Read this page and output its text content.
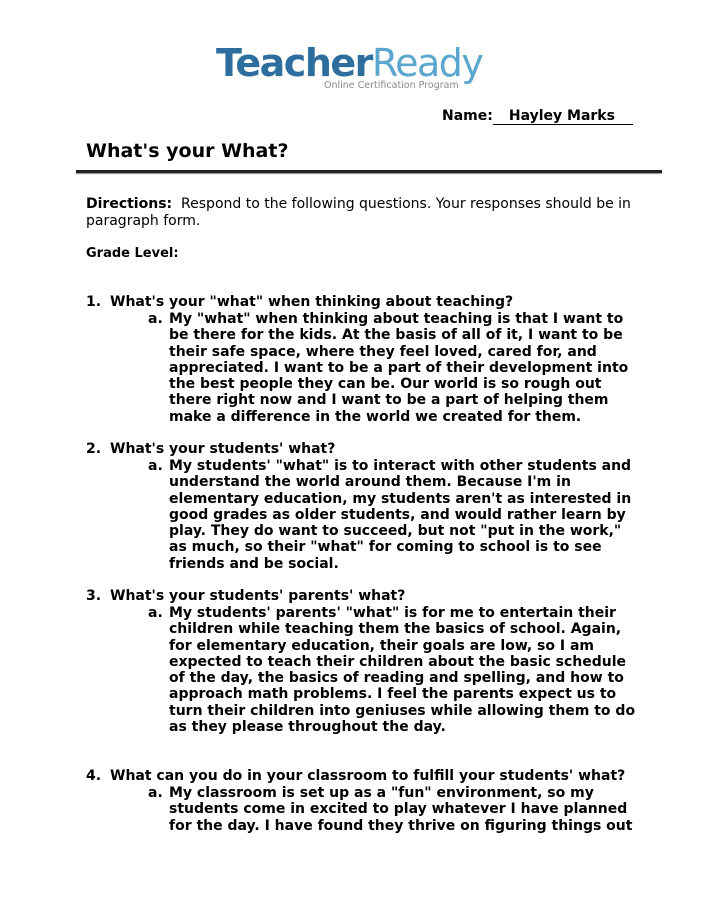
TeacherReady
Online Certification Program
Name: Hayley Marks
What's your What?
Directions: Respond to the following questions. Your responses should be in paragraph form.
Grade Level:
1. What's your "what" when thinking about teaching?
a. My "what" when thinking about teaching is that I want to be there for the kids. At the basis of all of it, I want to be their safe space, where they feel loved, cared for, and appreciated. I want to be a part of their development into the best people they can be. Our world is so rough out there right now and I want to be a part of helping them make a difference in the world we created for them.
2. What's your students' what?
a. My students' "what" is to interact with other students and understand the world around them. Because I'm in elementary education, my students aren't as interested in good grades as older students, and would rather learn by play. They do want to succeed, but not "put in the work," as much, so their "what" for coming to school is to see friends and be social.
3. What's your students' parents' what?
a. My students' parents' "what" is for me to entertain their children while teaching them the basics of school. Again, for elementary education, their goals are low, so I am expected to teach their children about the basic schedule of the day, the basics of reading and spelling, and how to approach math problems. I feel the parents expect us to turn their children into geniuses while allowing them to do as they please throughout the day.
4. What can you do in your classroom to fulfill your students' what?
a. My classroom is set up as a "fun" environment, so my students come in excited to play whatever I have planned for the day. I have found they thrive on figuring things out
